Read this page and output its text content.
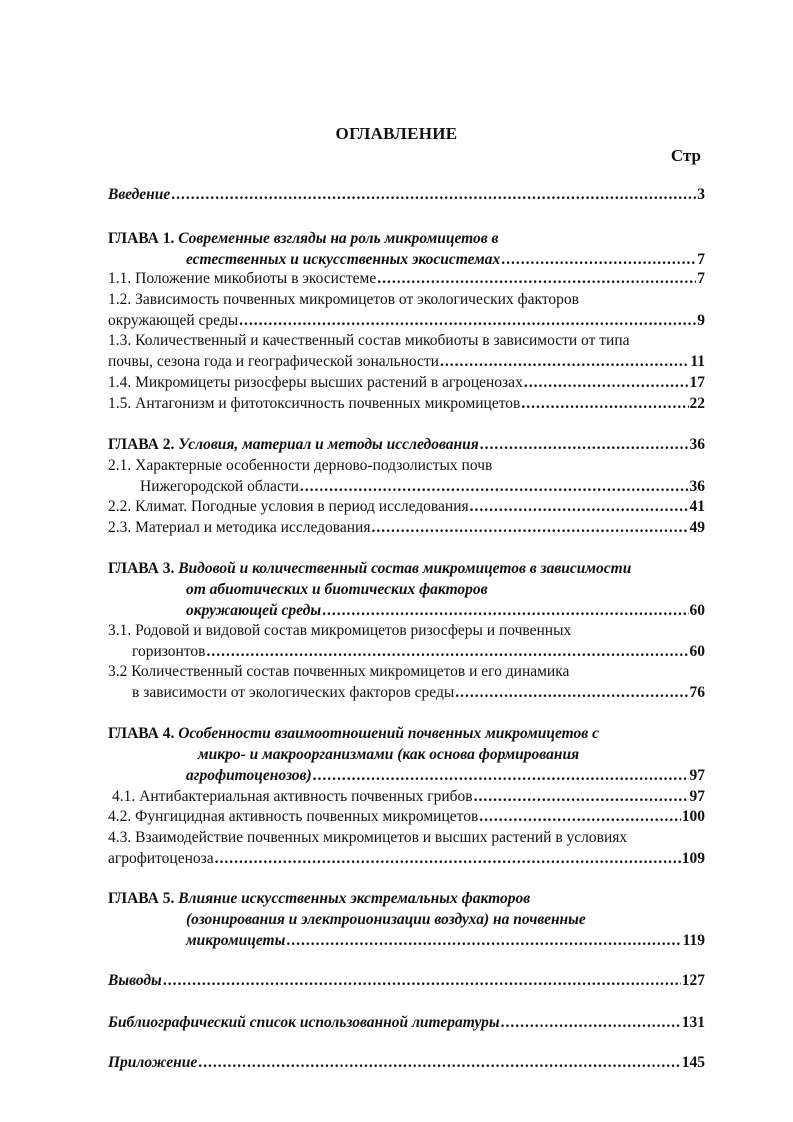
ОГЛАВЛЕНИЕ
Стр
Введение .....	3
ГЛАВА 1. Современные взгляды на роль микромицетов в
естественных и искусственных экосистемах .....	7
1.1. Положение микобиоты в экосистеме .....	7
1.2. Зависимость почвенных микромицетов от экологических факторов
окружающей среды .....	9
1.3. Количественный и качественный состав микобиоты в зависимости от типа
почвы, сезона года и географической зональности .....	11
1.4. Микромицеты ризосферы высших растений в агроценозах .....	17
1.5. Антагонизм и фитотоксичность почвенных микромицетов .....	22
ГЛАВА 2. Условия, материал и методы исследования .....	36
2.1. Характерные особенности дерново-подзолистых почв
Нижегородской области .....	36
2.2. Климат. Погодные условия в период исследования .....	41
2.3. Материал и методика исследования .....	49
ГЛАВА 3. Видовой и количественный состав микромицетов в зависимости
от абиотических и биотических факторов
окружающей среды .....	60
3.1. Родовой и видовой состав микромицетов ризосферы и почвенных
горизонтов .....	60
3.2 Количественный состав почвенных микромицетов и его динамика
в зависимости от экологических факторов среды .....	76
ГЛАВА 4. Особенности взаимоотношений почвенных микромицетов с
микро- и макроорганизмами (как основа формирования
агрофитоценозов) .....	97
4.1. Антибактериальная активность почвенных грибов .....	97
4.2. Фунгицидная активность почвенных микромицетов .....	100
4.3. Взаимодействие почвенных микромицетов и высших растений в условиях
агрофитоценоза .....	109
ГЛАВА 5. Влияние искусственных экстремальных факторов
(озонирования и электроионизации воздуха) на почвенные
микромицеты .....	119
Выводы .....	127
Библиографический список использованной литературы .....	131
Приложение .....	145
